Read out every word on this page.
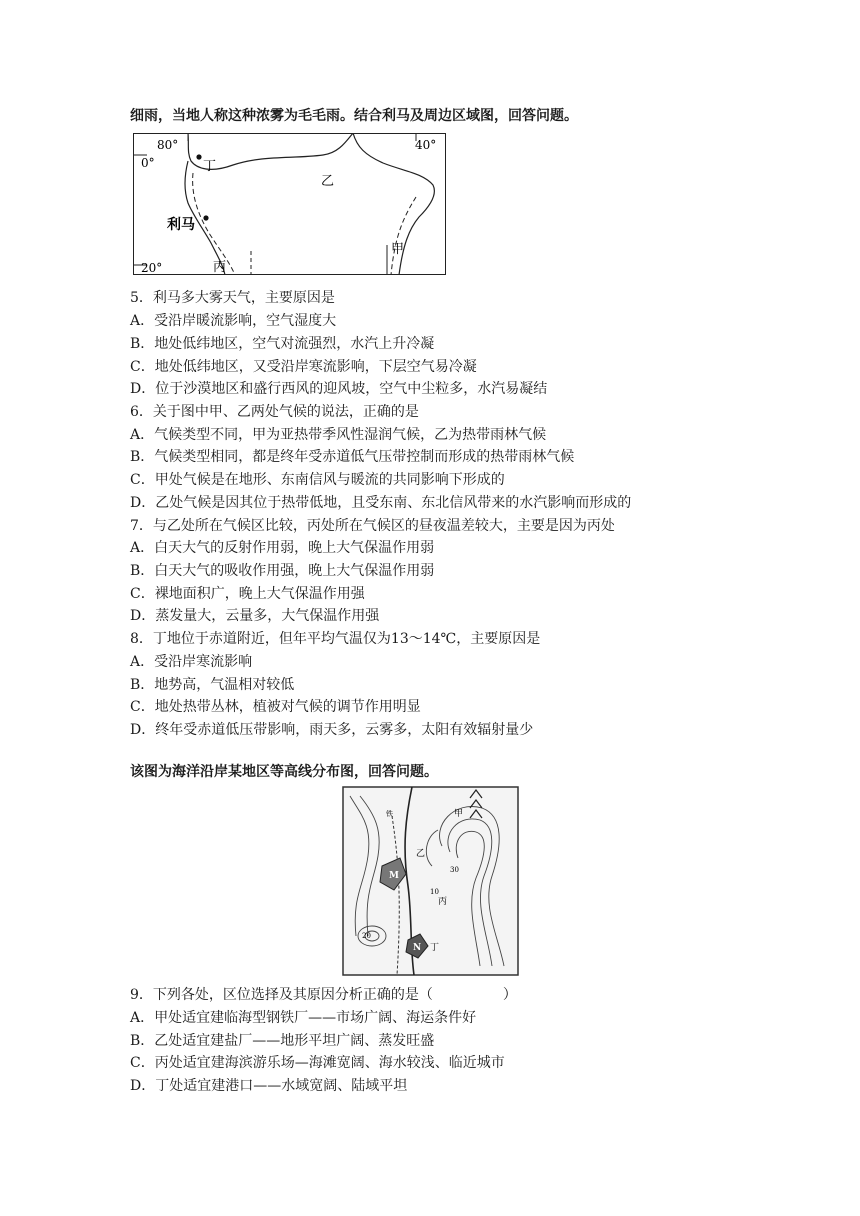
细雨，当地人称这种浓雾为毛毛雨。结合利马及周边区域图，回答问题。
80°
0°
40°
20°
丁
乙
利马
甲
丙
5．利马多大雾天气，主要原因是
A．受沿岸暖流影响，空气湿度大
B．地处低纬地区，空气对流强烈，水汽上升冷凝
C．地处低纬地区，又受沿岸寒流影响，下层空气易冷凝
D．位于沙漠地区和盛行西风的迎风坡，空气中尘粒多，水汽易凝结
6．关于图中甲、乙两处气候的说法，正确的是
A．气候类型不同，甲为亚热带季风性湿润气候，乙为热带雨林气候
B．气候类型相同，都是终年受赤道低气压带控制而形成的热带雨林气候
C．甲处气候是在地形、东南信风与暖流的共同影响下形成的
D．乙处气候是因其位于热带低地，且受东南、东北信风带来的水汽影响而形成的
7．与乙处所在气候区比较，丙处所在气候区的昼夜温差较大，主要是因为丙处
A．白天大气的反射作用弱，晚上大气保温作用弱
B．白天大气的吸收作用强，晚上大气保温作用弱
C．裸地面积广，晚上大气保温作用强
D．蒸发量大，云量多，大气保温作用强
8．丁地位于赤道附近，但年平均气温仅为13～14℃，主要原因是
A．受沿岸寒流影响
B．地势高，气温相对较低
C．地处热带丛林，植被对气候的调节作用明显
D．终年受赤道低压带影响，雨天多，云雾多，太阳有效辐射量少
该图为海洋沿岸某地区等高线分布图，回答问题。
铁	甲
乙
丙
丁
30
10
20
M
N
9．下列各处，区位选择及其原因分析正确的是（　　　　　）
A．甲处适宜建临海型钢铁厂——市场广阔、海运条件好
B．乙处适宜建盐厂——地形平坦广阔、蒸发旺盛
C．丙处适宜建海滨游乐场—海滩宽阔、海水较浅、临近城市
D．丁处适宜建港口——水域宽阔、陆域平坦
